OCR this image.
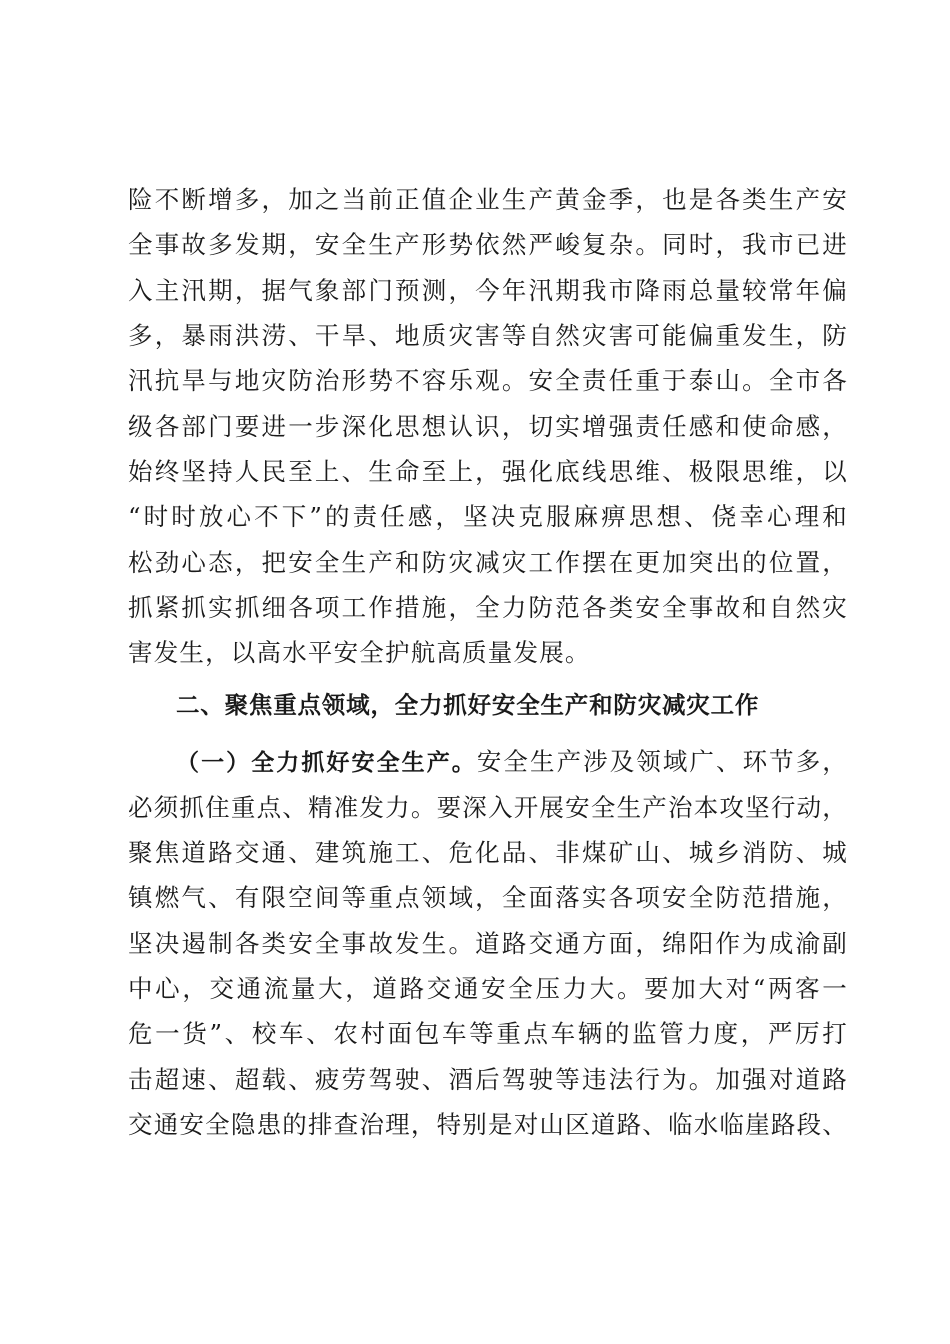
险不断增多，加之当前正值企业生产黄金季，也是各类生产安
全事故多发期，安全生产形势依然严峻复杂。同时，我市已进
入主汛期，据气象部门预测，今年汛期我市降雨总量较常年偏
多，暴雨洪涝、干旱、地质灾害等自然灾害可能偏重发生，防
汛抗旱与地灾防治形势不容乐观。安全责任重于泰山。全市各
级各部门要进一步深化思想认识，切实增强责任感和使命感，
始终坚持人民至上、生命至上，强化底线思维、极限思维，以
“时时放心不下”的责任感，坚决克服麻痹思想、侥幸心理和
松劲心态，把安全生产和防灾减灾工作摆在更加突出的位置，
抓紧抓实抓细各项工作措施，全力防范各类安全事故和自然灾
害发生，以高水平安全护航高质量发展。
二、聚焦重点领域，全力抓好安全生产和防灾减灾工作
（一）全力抓好安全生产。安全生产涉及领域广、环节多，
必须抓住重点、精准发力。要深入开展安全生产治本攻坚行动，
聚焦道路交通、建筑施工、危化品、非煤矿山、城乡消防、城
镇燃气、有限空间等重点领域，全面落实各项安全防范措施，
坚决遏制各类安全事故发生。道路交通方面，绵阳作为成渝副
中心，交通流量大，道路交通安全压力大。要加大对“两客一
危一货”、校车、农村面包车等重点车辆的监管力度，严厉打
击超速、超载、疲劳驾驶、酒后驾驶等违法行为。加强对道路
交通安全隐患的排查治理，特别是对山区道路、临水临崖路段、
